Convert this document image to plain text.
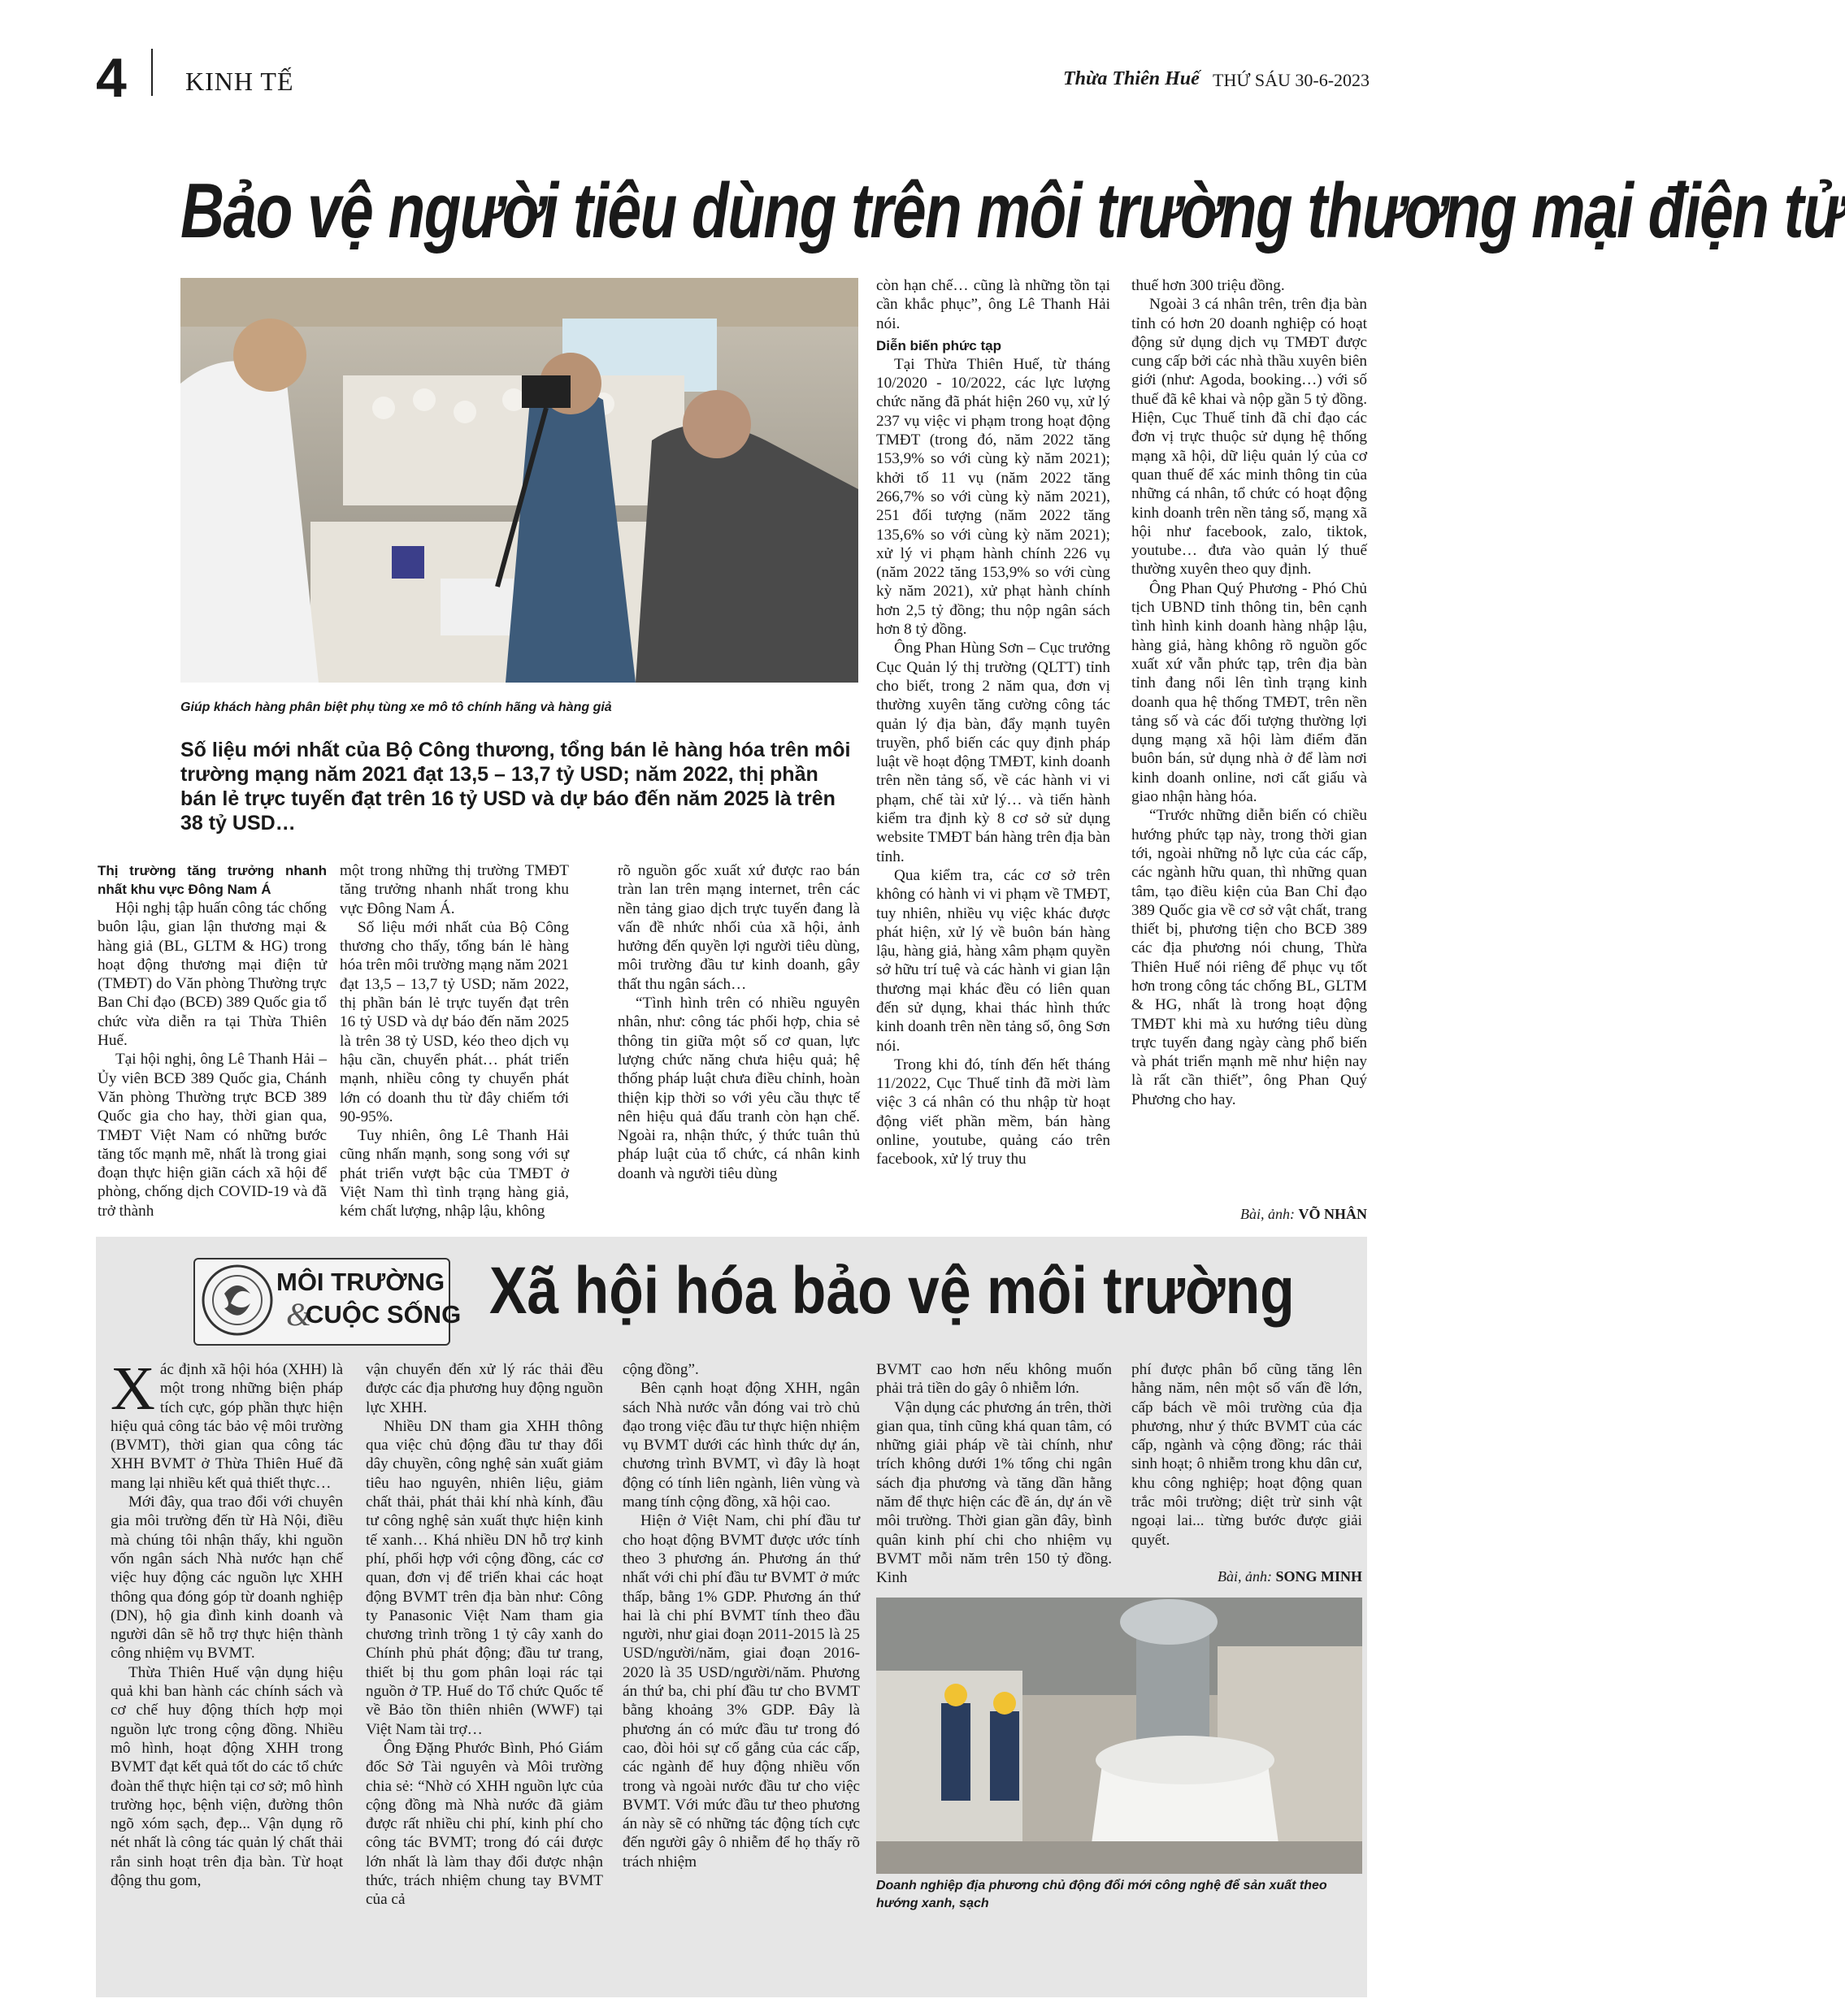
4 KINH TẾ	Thừa Thiên Huế THỨ SÁU 30-6-2023
Bảo vệ người tiêu dùng trên môi trường thương mại điện tử
Giúp khách hàng phân biệt phụ tùng xe mô tô chính hãng và hàng giả
Số liệu mới nhất của Bộ Công thương, tổng bán lẻ hàng hóa trên môi trường mạng năm 2021 đạt 13,5 – 13,7 tỷ USD; năm 2022, thị phần bán lẻ trực tuyến đạt trên 16 tỷ USD và dự báo đến năm 2025 là trên 38 tỷ USD…

Thị trường tăng trưởng nhanh nhất khu vực Đông Nam Á

Hội nghị tập huấn công tác chống buôn lậu, gian lận thương mại & hàng giả (BL, GLTM & HG) trong hoạt động thương mại điện tử (TMĐT) do Văn phòng Thường trực Ban Chỉ đạo (BCĐ) 389 Quốc gia tổ chức vừa diễn ra tại Thừa Thiên Huế.

Tại hội nghị, ông Lê Thanh Hải – Ủy viên BCĐ 389 Quốc gia, Chánh Văn phòng Thường trực BCĐ 389 Quốc gia cho hay, thời gian qua, TMĐT Việt Nam có những bước tăng tốc mạnh mẽ, nhất là trong giai đoạn thực hiện giãn cách xã hội để phòng, chống dịch COVID-19 và đã trở thành

một trong những thị trường TMĐT tăng trưởng nhanh nhất trong khu vực Đông Nam Á.

Số liệu mới nhất của Bộ Công thương cho thấy, tổng bán lẻ hàng hóa trên môi trường mạng năm 2021 đạt 13,5 – 13,7 tỷ USD; năm 2022, thị phần bán lẻ trực tuyến đạt trên 16 tỷ USD và dự báo đến năm 2025 là trên 38 tỷ USD, kéo theo dịch vụ hậu cần, chuyển phát… phát triển mạnh, nhiều công ty chuyển phát lớn có doanh thu từ đây chiếm tới 90-95%.

Tuy nhiên, ông Lê Thanh Hải cũng nhấn mạnh, song song với sự phát triển vượt bậc của TMĐT ở Việt Nam thì tình trạng hàng giả, kém chất lượng, nhập lậu, không

rõ nguồn gốc xuất xứ được rao bán tràn lan trên mạng internet, trên các nền tảng giao dịch trực tuyến đang là vấn đề nhức nhối của xã hội, ảnh hưởng đến quyền lợi người tiêu dùng, môi trường đầu tư kinh doanh, gây thất thu ngân sách…

“Tình hình trên có nhiều nguyên nhân, như: công tác phối hợp, chia sẻ thông tin giữa một số cơ quan, lực lượng chức năng chưa hiệu quả; hệ thống pháp luật chưa điều chỉnh, hoàn thiện kịp thời so với yêu cầu thực tế nên hiệu quả đấu tranh còn hạn chế. Ngoài ra, nhận thức, ý thức tuân thủ pháp luật của tổ chức, cá nhân kinh doanh và người tiêu dùng

còn hạn chế… cũng là những tồn tại cần khắc phục”, ông Lê Thanh Hải nói.

Diễn biến phức tạp

Tại Thừa Thiên Huế, từ tháng 10/2020 - 10/2022, các lực lượng chức năng đã phát hiện 260 vụ, xử lý 237 vụ việc vi phạm trong hoạt động TMĐT (trong đó, năm 2022 tăng 153,9% so với cùng kỳ năm 2021); khởi tố 11 vụ (năm 2022 tăng 266,7% so với cùng kỳ năm 2021), 251 đối tượng (năm 2022 tăng 135,6% so với cùng kỳ năm 2021); xử lý vi phạm hành chính 226 vụ (năm 2022 tăng 153,9% so với cùng kỳ năm 2021), xử phạt hành chính hơn 2,5 tỷ đồng; thu nộp ngân sách hơn 8 tỷ đồng.

Ông Phan Hùng Sơn – Cục trưởng Cục Quản lý thị trường (QLTT) tỉnh cho biết, trong 2 năm qua, đơn vị thường xuyên tăng cường công tác quản lý địa bàn, đẩy mạnh tuyên truyền, phổ biến các quy định pháp luật về hoạt động TMĐT, kinh doanh trên nền tảng số, về các hành vi vi phạm, chế tài xử lý… và tiến hành kiểm tra định kỳ 8 cơ sở sử dụng website TMĐT bán hàng trên địa bàn tỉnh.

Qua kiểm tra, các cơ sở trên không có hành vi vi phạm về TMĐT, tuy nhiên, nhiều vụ việc khác được phát hiện, xử lý về buôn bán hàng lậu, hàng giả, hàng xâm phạm quyền sở hữu trí tuệ và các hành vi gian lận thương mại khác đều có liên quan đến sử dụng, khai thác hình thức kinh doanh trên nền tảng số, ông Sơn nói.

Trong khi đó, tính đến hết tháng 11/2022, Cục Thuế tỉnh đã mời làm việc 3 cá nhân có thu nhập từ hoạt động viết phần mềm, bán hàng online, youtube, quảng cáo trên facebook, xử lý truy thu

thuế hơn 300 triệu đồng.

Ngoài 3 cá nhân trên, trên địa bàn tỉnh có hơn 20 doanh nghiệp có hoạt động sử dụng dịch vụ TMĐT được cung cấp bởi các nhà thầu xuyên biên giới (như: Agoda, booking…) với số thuế đã kê khai và nộp gần 5 tỷ đồng. Hiện, Cục Thuế tỉnh đã chỉ đạo các đơn vị trực thuộc sử dụng hệ thống mạng xã hội, dữ liệu quản lý của cơ quan thuế để xác minh thông tin của những cá nhân, tổ chức có hoạt động kinh doanh trên nền tảng số, mạng xã hội như facebook, zalo, tiktok, youtube… đưa vào quản lý thuế thường xuyên theo quy định.

Ông Phan Quý Phương - Phó Chủ tịch UBND tỉnh thông tin, bên cạnh tình hình kinh doanh hàng nhập lậu, hàng giả, hàng không rõ nguồn gốc xuất xứ vẫn phức tạp, trên địa bàn tỉnh đang nổi lên tình trạng kinh doanh qua hệ thống TMĐT, trên nền tảng số và các đối tượng thường lợi dụng mạng xã hội làm điểm đăn buôn bán, sử dụng nhà ở để làm nơi kinh doanh online, nơi cất giấu và giao nhận hàng hóa.

“Trước những diễn biến có chiều hướng phức tạp này, trong thời gian tới, ngoài những nỗ lực của các cấp, các ngành hữu quan, thì những quan tâm, tạo điều kiện của Ban Chỉ đạo 389 Quốc gia về cơ sở vật chất, trang thiết bị, phương tiện cho BCĐ 389 các địa phương nói chung, Thừa Thiên Huế nói riêng để phục vụ tốt hơn trong công tác chống BL, GLTM & HG, nhất là trong hoạt động TMĐT khi mà xu hướng tiêu dùng trực tuyến đang ngày càng phổ biến và phát triển mạnh mẽ như hiện nay là rất cần thiết”, ông Phan Quý Phương cho hay.

Bài, ảnh: VÕ NHÂN
MÔI TRƯỜNG
&
CUỘC SỐNG Xã hội hóa bảo vệ môi trường

X ác định xã hội hóa (XHH) là một trong những biện pháp tích cực, góp phần thực hiện hiệu quả công tác bảo vệ môi trường (BVMT), thời gian qua công tác XHH BVMT ở Thừa Thiên Huế đã mang lại nhiều kết quả thiết thực…

Mới đây, qua trao đổi với chuyên gia môi trường đến từ Hà Nội, điều mà chúng tôi nhận thấy, khi nguồn vốn ngân sách Nhà nước hạn chế việc huy động các nguồn lực XHH thông qua đóng góp từ doanh nghiệp (DN), hộ gia đình kinh doanh và người dân sẽ hỗ trợ thực hiện thành công nhiệm vụ BVMT.

Thừa Thiên Huế vận dụng hiệu quả khi ban hành các chính sách và cơ chế huy động thích hợp mọi nguồn lực trong cộng đồng. Nhiều mô hình, hoạt động XHH trong BVMT đạt kết quả tốt do các tổ chức đoàn thể thực hiện tại cơ sở; mô hình trường học, bệnh viện, đường thôn ngõ xóm sạch, đẹp... Vận dụng rõ nét nhất là công tác quản lý chất thải rắn sinh hoạt trên địa bàn. Từ hoạt động thu gom,

vận chuyển đến xử lý rác thải đều được các địa phương huy động nguồn lực XHH.

Nhiều DN tham gia XHH thông qua việc chủ động đầu tư thay đổi dây chuyền, công nghệ sản xuất giảm tiêu hao nguyên, nhiên liệu, giảm chất thải, phát thải khí nhà kính, đầu tư công nghệ sản xuất thực hiện kinh tế xanh… Khá nhiều DN hỗ trợ kinh phí, phối hợp với cộng đồng, các cơ quan, đơn vị để triển khai các hoạt động BVMT trên địa bàn như: Công ty Panasonic Việt Nam tham gia chương trình trồng 1 tỷ cây xanh do Chính phủ phát động; đầu tư trang, thiết bị thu gom phân loại rác tại nguồn ở TP. Huế do Tổ chức Quốc tế về Bảo tồn thiên nhiên (WWF) tại Việt Nam tài trợ…

Ông Đặng Phước Bình, Phó Giám đốc Sở Tài nguyên và Môi trường chia sẻ: “Nhờ có XHH nguồn lực của cộng đồng mà Nhà nước đã giảm được rất nhiều chi phí, kinh phí cho công tác BVMT; trong đó cái được lớn nhất là làm thay đổi được nhận thức, trách nhiệm chung tay BVMT của cả

cộng đồng”.

Bên cạnh hoạt động XHH, ngân sách Nhà nước vẫn đóng vai trò chủ đạo trong việc đầu tư thực hiện nhiệm vụ BVMT dưới các hình thức dự án, chương trình BVMT, vì đây là hoạt động có tính liên ngành, liên vùng và mang tính cộng đồng, xã hội cao.

Hiện ở Việt Nam, chi phí đầu tư cho hoạt động BVMT được ước tính theo 3 phương án. Phương án thứ nhất với chi phí đầu tư BVMT ở mức thấp, bằng 1% GDP. Phương án thứ hai là chi phí BVMT tính theo đầu người, như giai đoạn 2011-2015 là 25 USD/người/năm, giai đoạn 2016-2020 là 35 USD/người/năm. Phương án thứ ba, chi phí đầu tư cho BVMT bằng khoảng 3% GDP. Đây là phương án có mức đầu tư trong đó cao, đòi hỏi sự cố gắng của các cấp, các ngành để huy động nhiều vốn trong và ngoài nước đầu tư cho việc BVMT. Với mức đầu tư theo phương án này sẽ có những tác động tích cực đến người gây ô nhiễm để họ thấy rõ trách nhiệm

BVMT cao hơn nếu không muốn phải trả tiền do gây ô nhiễm lớn.

Vận dụng các phương án trên, thời gian qua, tỉnh cũng khá quan tâm, có những giải pháp về tài chính, như trích không dưới 1% tổng chi ngân sách địa phương và tăng dần hằng năm để thực hiện các đề án, dự án về môi trường. Thời gian gần đây, bình quân kinh phí chi cho nhiệm vụ BVMT mỗi năm trên 150 tỷ đồng. Kinh

phí được phân bổ cũng tăng lên hằng năm, nên một số vấn đề lớn, cấp bách về môi trường của địa phương, như ý thức BVMT của các cấp, ngành và cộng đồng; rác thải sinh hoạt; ô nhiễm trong khu dân cư, khu công nghiệp; hoạt động quan trắc môi trường; diệt trừ sinh vật ngoại lai... từng bước được giải quyết.

Bài, ảnh: SONG MINH
Doanh nghiệp địa phương chủ động đổi mới công nghệ để sản xuất theo hướng xanh, sạch
